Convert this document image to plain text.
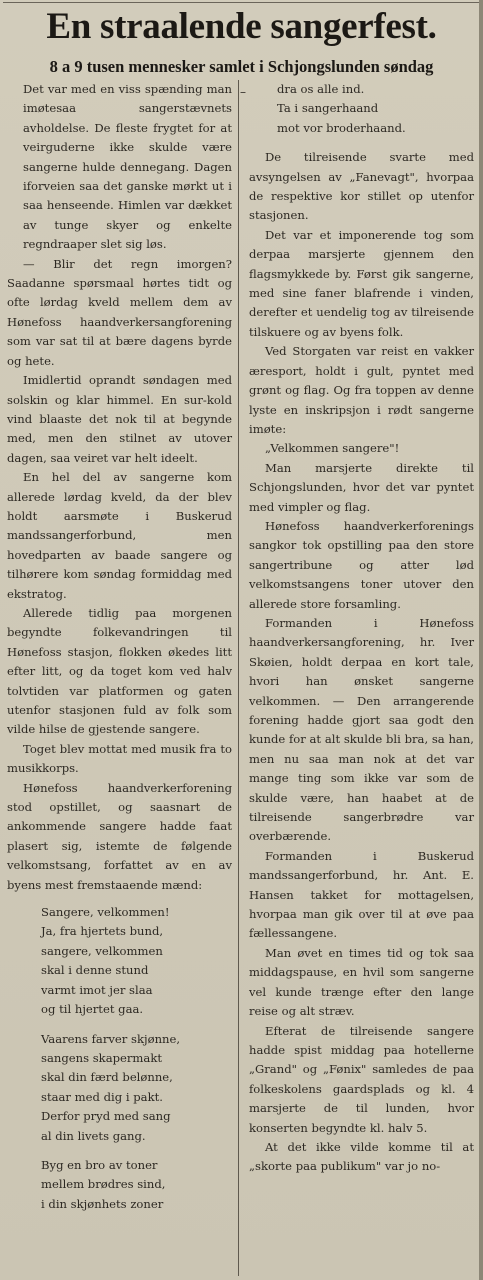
En straalende sangerfest.
8 a 9 tusen mennesker samlet i Schjongslunden søndag

Det var med en viss spænding man imøtesaa sangerstævnets avholdelse. De fleste frygtet for at veirguderne ikke skulde være sangerne hulde dennegang. Dagen iforveien saa det ganske mørkt ut i saa henseende. Himlen var dækket av tunge skyer og enkelte regndraaper slet sig løs.

— Blir det regn imorgen? Saadanne spørsmaal hørtes tidt og ofte lørdag kveld mellem dem av Hønefoss haandverkersangforening som var sat til at bære dagens byrde og hete.

Imidlertid oprandt søndagen med solskin og klar himmel. En sur-kold vind blaaste det nok til at begynde med, men den stilnet av utover dagen, saa veiret var helt ideelt.

En hel del av sangerne kom allerede lørdag kveld, da der blev holdt aarsmøte i Buskerud mandssangerforbund, men hovedparten av baade sangere og tilhørere kom søndag formiddag med ekstratog.

Allerede tidlig paa morgenen begyndte folkevandringen til Hønefoss stasjon, flokken økedes litt efter litt, og da toget kom ved halv tolvtiden var platformen og gaten utenfor stasjonen fuld av folk som vilde hilse de gjestende sangere.

Toget blev mottat med musik fra to musikkorps.

Hønefoss haandverkerforening stod opstillet, og saasnart de ankommende sangere hadde faat plasert sig, istemte de følgende velkomstsang, forfattet av en av byens mest fremstaaende mænd:

Sangere, velkommen!
Ja, fra hjertets bund,
sangere, velkommen
skal i denne stund
varmt imot jer slaa
og til hjertet gaa.
Vaarens farver skjønne,
sangens skapermakt
skal din færd belønne,
staar med dig i pakt.
Derfor pryd med sang
al din livets gang.
Byg en bro av toner
mellem brødres sind,
i din skjønhets zoner
–	dra os alle ind.
Ta i sangerhaand
mot vor broderhaand.

De tilreisende svarte med avsyngelsen av „Fanevagt", hvorpaa de respektive kor stillet op utenfor stasjonen.

Det var et imponerende tog som derpaa marsjerte gjennem den flagsmykkede by. Først gik sangerne, med sine faner blafrende i vinden, derefter et uendelig tog av tilreisende tilskuere og av byens folk.

Ved Storgaten var reist en vakker æresport, holdt i gult, pyntet med grønt og flag. Og fra toppen av denne lyste en inskripsjon i rødt sangerne imøte:

„Velkommen sangere"!

Man marsjerte direkte til Schjongslunden, hvor det var pyntet med vimpler og flag.

Hønefoss haandverkerforenings sangkor tok opstilling paa den store sangertribune og atter lød velkomstsangens toner utover den allerede store forsamling.

Formanden i Hønefoss haandverkersangforening, hr. Iver Skøien, holdt derpaa en kort tale, hvori han ønsket sangerne velkommen. — Den arrangerende forening hadde gjort saa godt den kunde for at alt skulde bli bra, sa han, men nu saa man nok at det var mange ting som ikke var som de skulde være, han haabet at de tilreisende sangerbrødre var overbærende.

Formanden i Buskerud mandssangerforbund, hr. Ant. E. Hansen takket for mottagelsen, hvorpaa man gik over til at øve paa fællessangene.

Man øvet en times tid og tok saa middagspause, en hvil som sangerne vel kunde trænge efter den lange reise og alt stræv.

Efterat de tilreisende sangere hadde spist middag paa hotellerne „Grand" og „Fønix" samledes de paa folkeskolens gaardsplads og kl. 4 marsjerte de til lunden, hvor konserten begyndte kl. halv 5.

At det ikke vilde komme til at „skorte paa publikum" var jo no-
